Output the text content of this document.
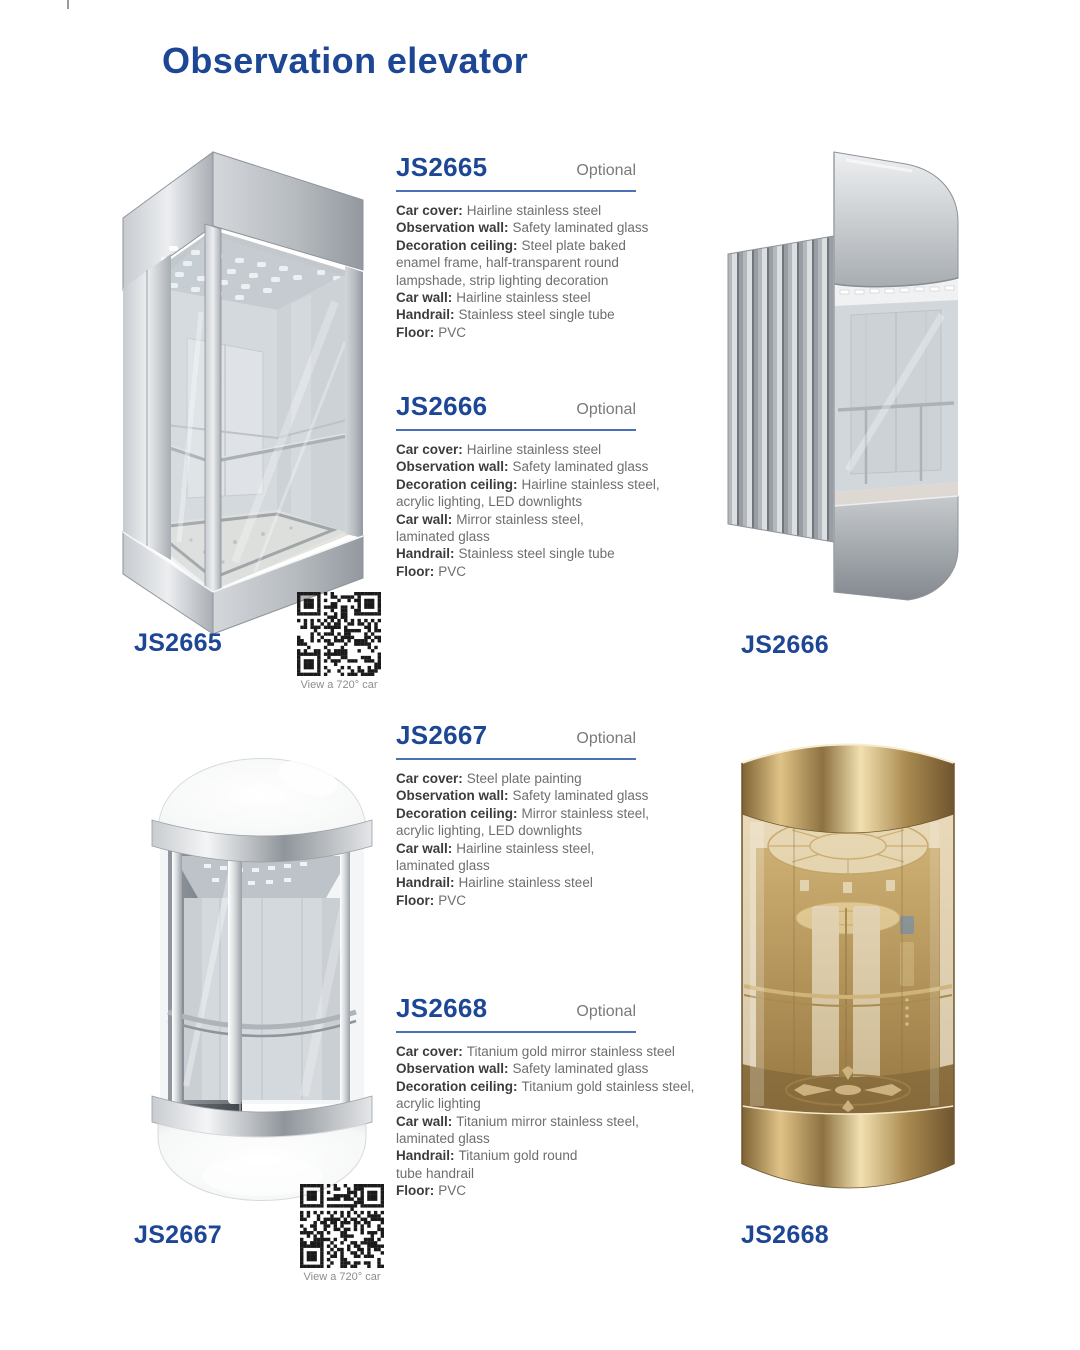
Observation elevator
JS2665	Optional
Car cover: Hairline stainless steel
Observation wall: Safety laminated glass
Decoration ceiling: Steel plate baked
enamel frame, half-transparent round
lampshade, strip lighting decoration
Car wall: Hairline stainless steel
Handrail: Stainless steel single tube
Floor: PVC
JS2666	Optional
Car cover: Hairline stainless steel
Observation wall: Safety laminated glass
Decoration ceiling: Hairline stainless steel,
acrylic lighting, LED downlights
Car wall: Mirror stainless steel,
laminated glass
Handrail: Stainless steel single tube
Floor: PVC
JS2667	Optional
Car cover: Steel plate painting
Observation wall: Safety laminated glass
Decoration ceiling: Mirror stainless steel,
acrylic lighting, LED downlights
Car wall: Hairline stainless steel,
laminated glass
Handrail: Hairline stainless steel
Floor: PVC
JS2668	Optional
Car cover: Titanium gold mirror stainless steel
Observation wall: Safety laminated glass
Decoration ceiling: Titanium gold stainless steel,
acrylic lighting
Car wall: Titanium mirror stainless steel,
laminated glass
Handrail: Titanium gold round
tube handrail
Floor: PVC
JS2665	JS2666
JS2667	JS2668
View a 720° car
View a 720° car
